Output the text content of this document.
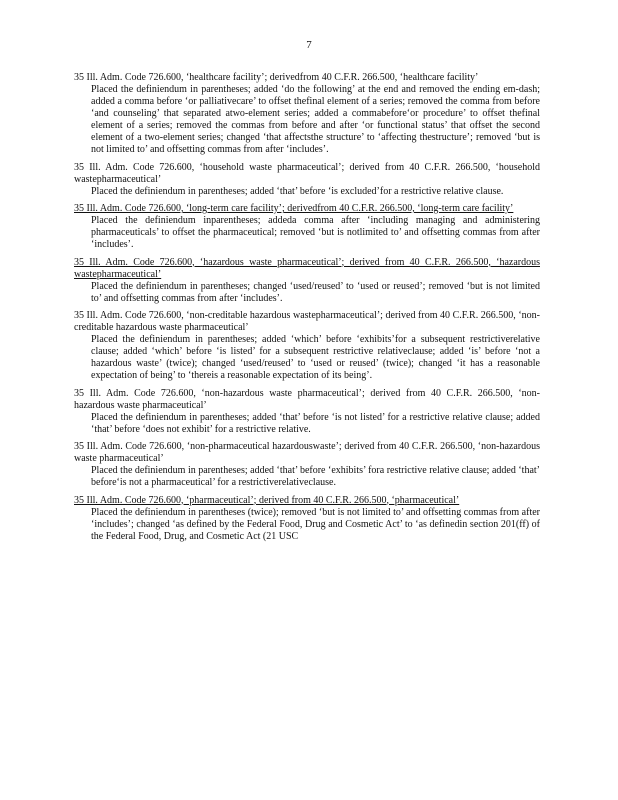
7
35 Ill. Adm. Code 726.600, ‘healthcare facility’; derivedfrom 40 C.F.R. 266.500, ‘healthcare facility’
Placed the definiendum in parentheses; added ‘do the following’ at the end and removed the ending em-dash; added a comma before ‘or palliativecare’ to offset thefinal element of a series; removed the comma from before ‘and counseling’ that separated atwo-element series; added a commabefore‘or procedure’ to offset thefinal element of a series; removed the commas from before and after ‘or functional status’ that offset the second element of a two-element series; changed ‘that affectsthe structure’ to ‘affecting thestructure’; removed ‘but is not limited to’ and offsetting commas from after ‘includes’.
35 Ill. Adm. Code 726.600, ‘household waste pharmaceutical’; derived from 40 C.F.R. 266.500, ‘household wastepharmaceutical’
Placed the definiendum in parentheses; added ‘that’ before ‘is excluded’for a restrictive relative clause.
35 Ill. Adm. Code 726.600, ‘long-term care facility’; derivedfrom 40 C.F.R. 266.500, ‘long-term care facility’
Placed the definiendum inparentheses; addeda comma after ‘including managing and administering pharmaceuticals’ to offset the pharmaceutical; removed ‘but is notlimited to’ and offsetting commas from after ‘includes’.
35 Ill. Adm. Code 726.600, ‘hazardous waste pharmaceutical’; derived from 40 C.F.R. 266.500, ‘hazardous wastepharmaceutical’
Placed the definiendum in parentheses; changed ‘used/reused’ to ‘used or reused’; removed ‘but is not limited to’ and offsetting commas from after ‘includes’.
35 Ill. Adm. Code 726.600, ‘non-creditable hazardous wastepharmaceutical’; derived from 40 C.F.R. 266.500, ‘non-creditable hazardous waste pharmaceutical’
Placed the definiendum in parentheses; added ‘which’ before ‘exhibits’for a subsequent restrictiverelative clause; added ‘which’ before ‘is listed’ for a subsequent restrictive relativeclause; added ‘is’ before ‘not a hazardous waste’ (twice); changed ‘used/reused’ to ‘used or reused’ (twice); changed ‘it has a reasonable expectation of being’ to ‘thereis a reasonable expectation of its being’.
35 Ill. Adm. Code 726.600, ‘non-hazardous waste pharmaceutical’; derived from 40 C.F.R. 266.500, ‘non-hazardous waste pharmaceutical’
Placed the definiendum in parentheses; added ‘that’ before ‘is not listed’ for a restrictive relative clause; added ‘that’ before ‘does not exhibit’ for a restrictive relative.
35 Ill. Adm. Code 726.600, ‘non-pharmaceutical hazardouswaste’; derived from 40 C.F.R. 266.500, ‘non-hazardous waste pharmaceutical’
Placed the definiendum in parentheses; added ‘that’ before ‘exhibits’ fora restrictive relative clause; added ‘that’ before‘is not a pharmaceutical’ for a restrictiverelativeclause.
35 Ill. Adm. Code 726.600, ‘pharmaceutical’; derived from 40 C.F.R. 266.500, ‘pharmaceutical’
Placed the definiendum in parentheses (twice); removed ‘but is not limited to’ and offsetting commas from after ‘includes’; changed ‘as defined by the Federal Food, Drug and Cosmetic Act’ to ‘as definedin section 201(ff) of the Federal Food, Drug, and Cosmetic Act (21 USC
